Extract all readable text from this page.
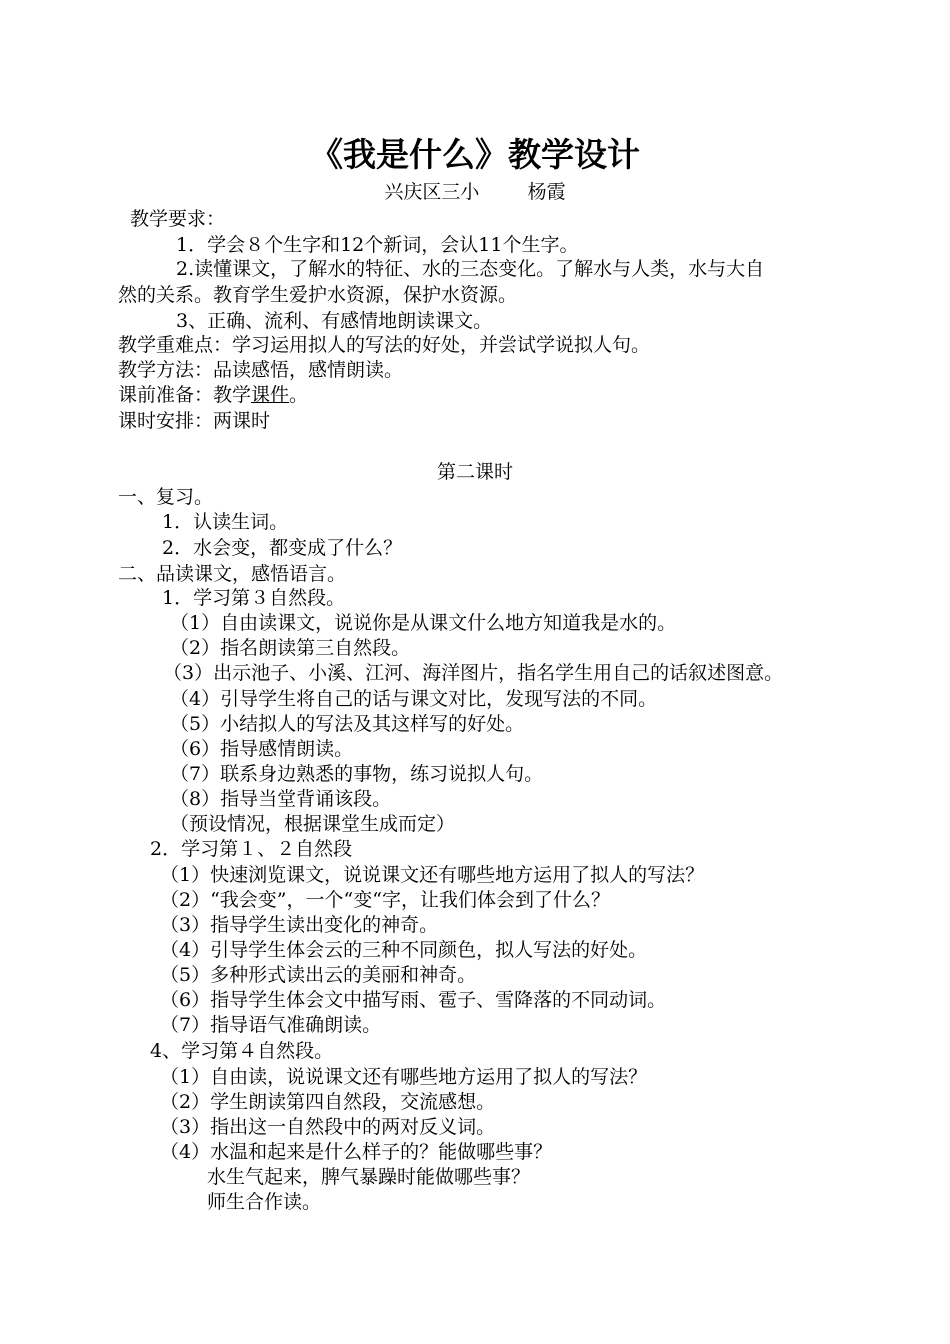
《我是什么》教学设计
兴庆区三小        杨霞
教学要求：
1．学会８个生字和12个新词，会认11个生字。
2.读懂课文，了解水的特征、水的三态变化。了解水与人类，水与大自
然的关系。教育学生爱护水资源，保护水资源。
3、正确、流利、有感情地朗读课文。
教学重难点：学习运用拟人的写法的好处，并尝试学说拟人句。
教学方法：品读感悟，感情朗读。
课前准备：教学课件。
课时安排：两课时
第二课时
一、复习。
1．认读生词。
2．水会变，都变成了什么？
二、品读课文，感悟语言。
1．学习第３自然段。
（1）自由读课文，说说你是从课文什么地方知道我是水的。
（2）指名朗读第三自然段。
（3）出示池子、小溪、江河、海洋图片，指名学生用自己的话叙述图意。
（4）引导学生将自己的话与课文对比，发现写法的不同。
（5）小结拟人的写法及其这样写的好处。
（6）指导感情朗读。
（7）联系身边熟悉的事物，练习说拟人句。
（8）指导当堂背诵该段。
（预设情况，根据课堂生成而定）
2．学习第１、２自然段
（1）快速浏览课文，说说课文还有哪些地方运用了拟人的写法？
（2）“我会变”，一个“变“字，让我们体会到了什么？
（3）指导学生读出变化的神奇。
（4）引导学生体会云的三种不同颜色，拟人写法的好处。
（5）多种形式读出云的美丽和神奇。
（6）指导学生体会文中描写雨、雹子、雪降落的不同动词。
（7）指导语气准确朗读。
4、学习第４自然段。
（1）自由读，说说课文还有哪些地方运用了拟人的写法？
（2）学生朗读第四自然段，交流感想。
（3）指出这一自然段中的两对反义词。
（4）水温和起来是什么样子的？能做哪些事？
水生气起来，脾气暴躁时能做哪些事？
师生合作读。
